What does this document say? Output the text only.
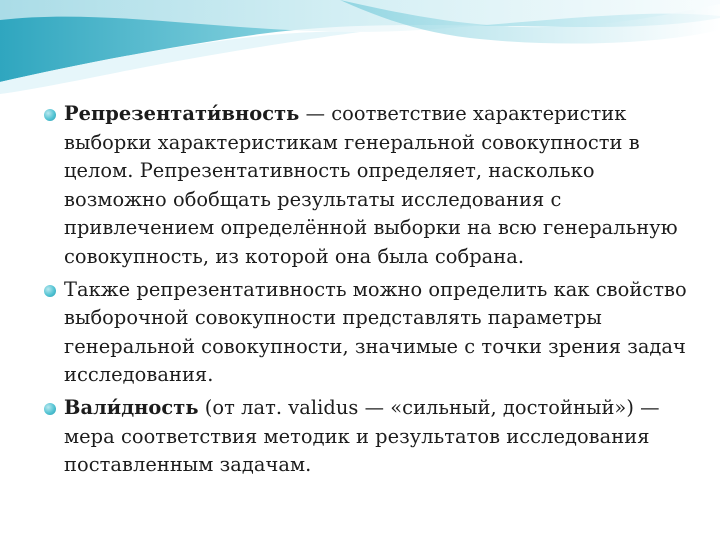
Репрезентати́вность — соответствие характеристик выборки характеристикам генеральной совокупности в целом. Репрезентативность определяет, насколько возможно обобщать результаты исследования с привлечением определённой выборки на всю генеральную совокупность, из которой она была собрана.
Также репрезентативность можно определить как свойство выборочной совокупности представлять параметры генеральной совокупности, значимые с точки зрения задач исследования.
Вали́дность (от лат. validus — «сильный, достойный») — мера соответствия методик и результатов исследования поставленным задачам.
